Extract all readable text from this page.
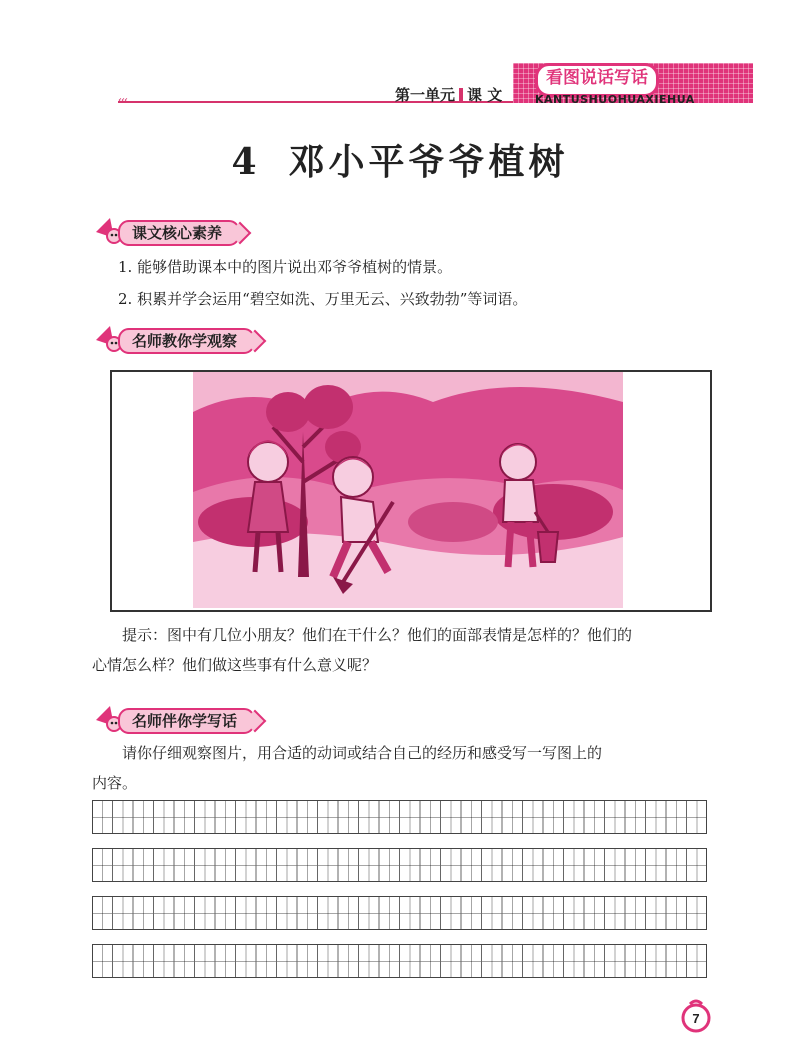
‹‹‹	第一单元 课 文
看图说话写话
KANTUSHUOHUAXIEHUA
4 邓小平爷爷植树
课文核心素养
1. 能够借助课本中的图片说出邓爷爷植树的情景。
2. 积累并学会运用“碧空如洗、万里无云、兴致勃勃”等词语。
名师教你学观察
提示：图中有几位小朋友？他们在干什么？他们的面部表情是怎样的？他们的
心情怎么样？他们做这些事有什么意义呢？
名师伴你学写话
请你仔细观察图片，用合适的动词或结合自己的经历和感受写一写图上的
内容。
7
